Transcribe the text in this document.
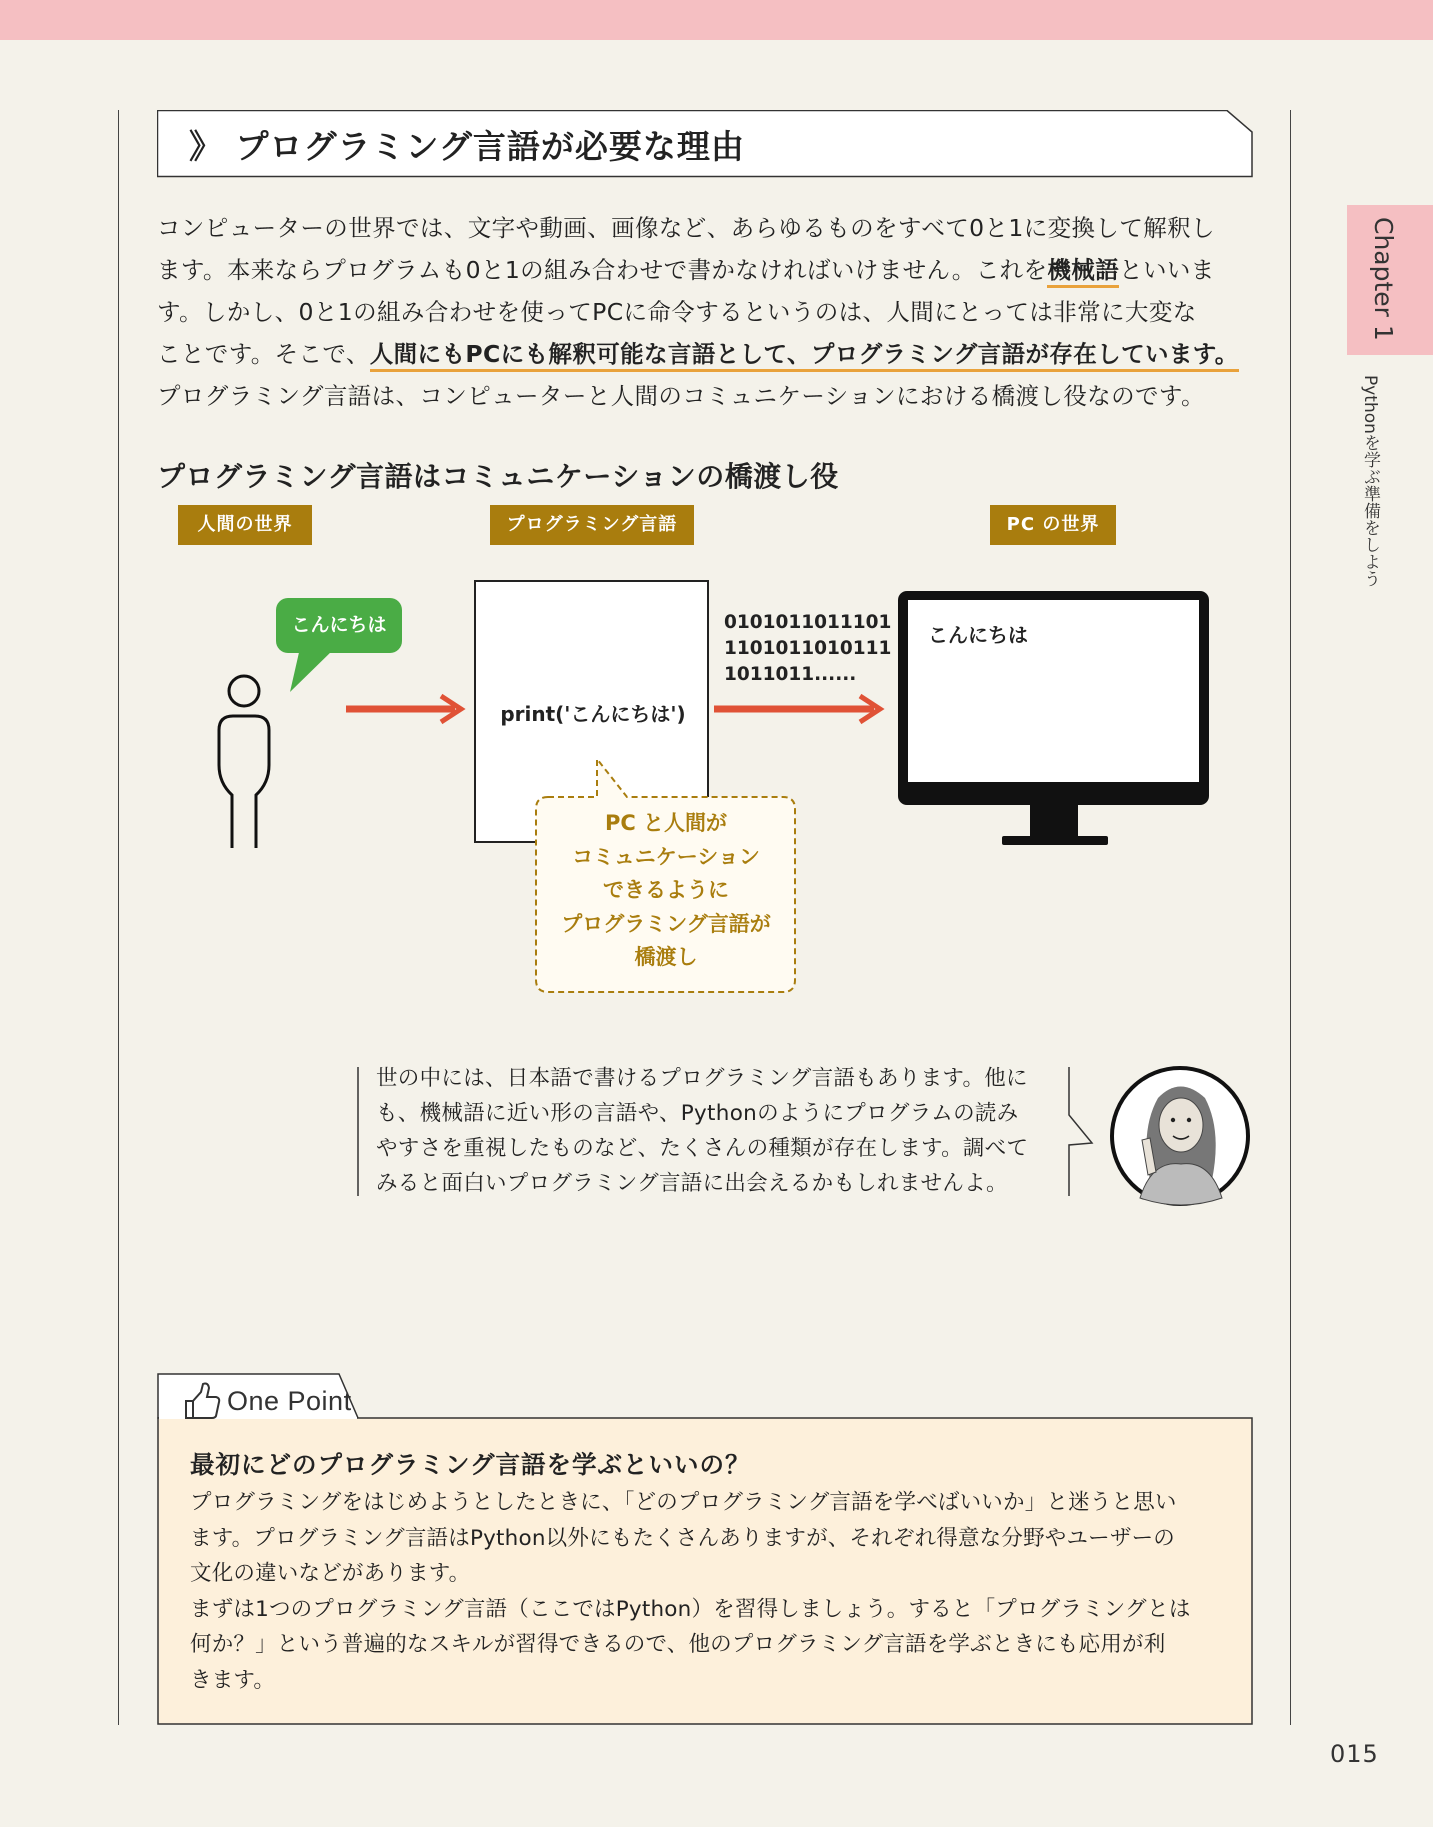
》 プログラミング言語が必要な理由

コンピューターの世界では、文字や動画、画像など、あらゆるものをすべて0と1に変換して解釈し

ます。本来ならプログラムも0と1の組み合わせで書かなければいけません。これを機械語といいま

す。しかし、0と1の組み合わせを使ってPCに命令するというのは、人間にとっては非常に大変な

ことです。そこで、人間にもPCにも解釈可能な言語として、プログラミング言語が存在しています。

プログラミング言語は、コンピューターと人間のコミュニケーションにおける橋渡し役なのです。

プログラミング言語はコミュニケーションの橋渡し役
人間の世界	プログラミング言語	PC の世界
こんにちは
print('こんにちは')

0101011011101

1101011010111

1011011......

こんにちは

PC と人間が

コミュニケーション

できるように

プログラミング言語が

橋渡し

世の中には、日本語で書けるプログラミング言語もあります。他に

も、機械語に近い形の言語や、Pythonのようにプログラムの読み

やすさを重視したものなど、たくさんの種類が存在します。調べて

みると面白いプログラミング言語に出会えるかもしれませんよ。

Chapter 1
Pythonを学ぶ準備をしよう
One Point
最初にどのプログラミング言語を学ぶといいの？

プログラミングをはじめようとしたときに、「どのプログラミング言語を学べばいいか」と迷うと思い

ます。プログラミング言語はPython以外にもたくさんありますが、それぞれ得意な分野やユーザーの

文化の違いなどがあります。

まずは1つのプログラミング言語（ここではPython）を習得しましょう。すると「プログラミングとは

何か？」という普遍的なスキルが習得できるので、他のプログラミング言語を学ぶときにも応用が利

きます。

015
